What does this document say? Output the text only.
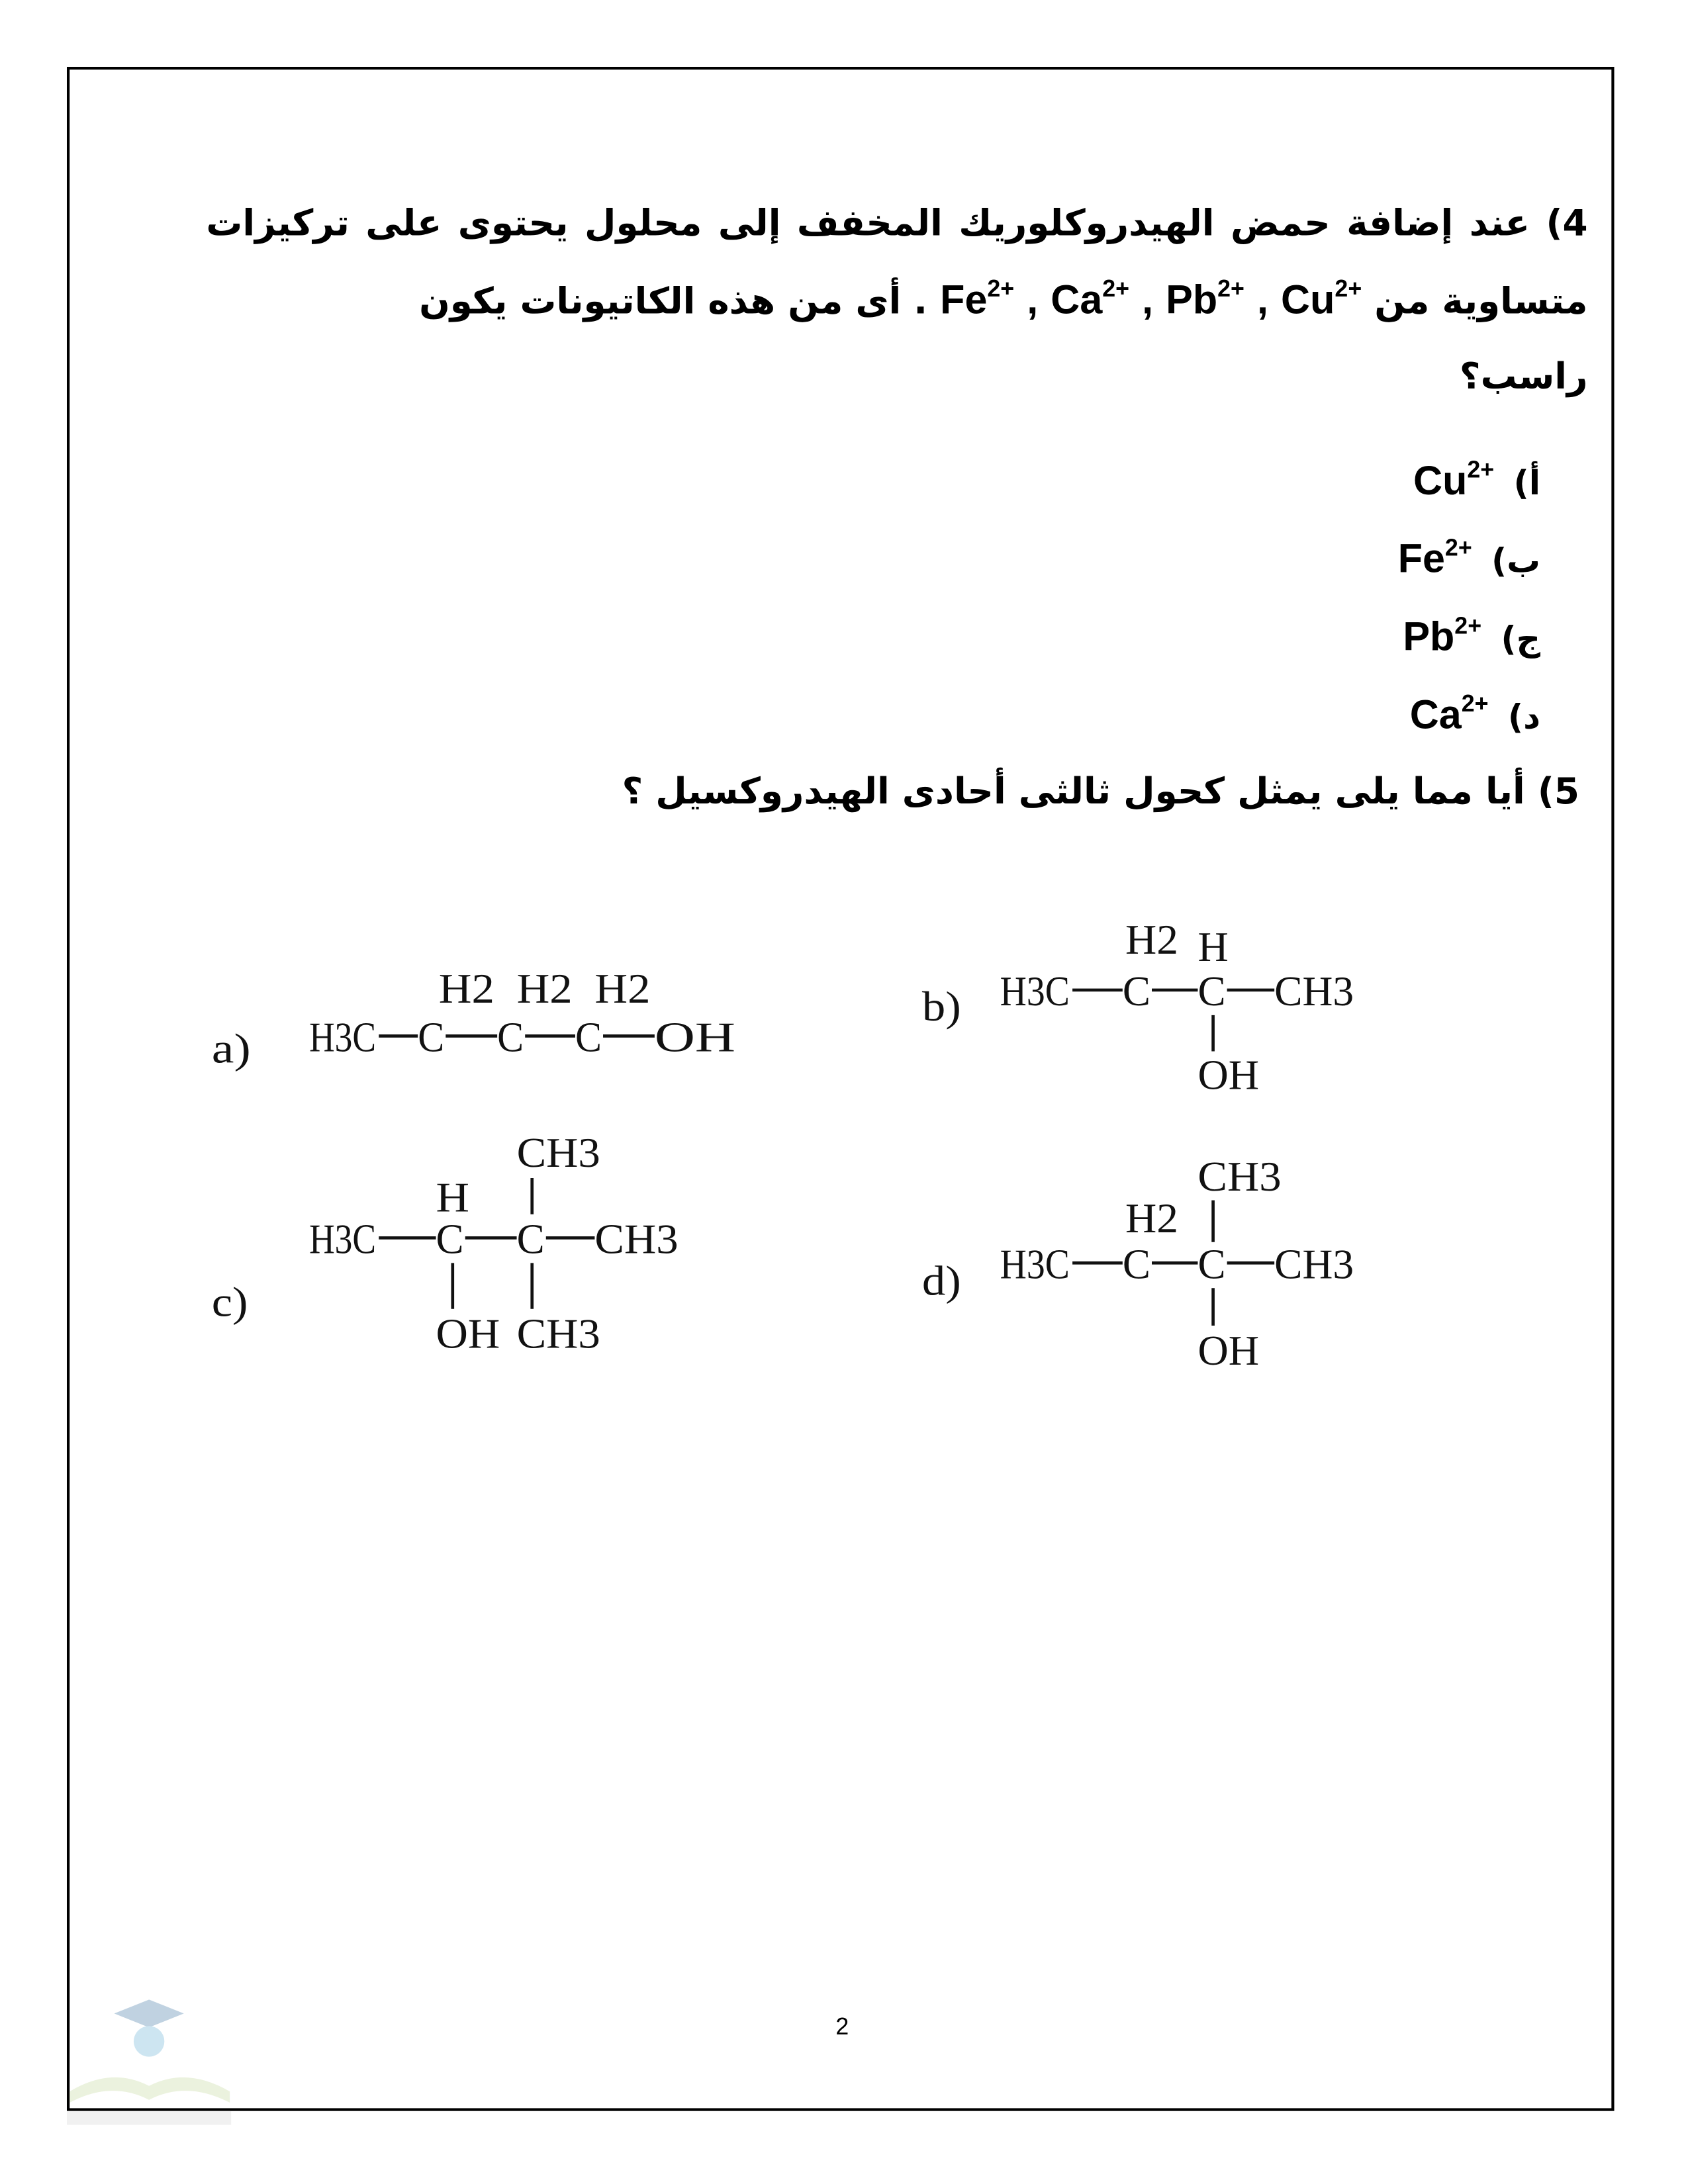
4) عند إضافة حمض الهيدروكلوريك المخفف إلى محلول يحتوى على تركيزات
متساوية من $Cu^{2+}$ , $Pb^{2+}$ , $Ca^{2+}$ , $Fe^{2+}$ . أى من هذه الكاتيونات يكون
راسب؟
$أ)Cu^{2+}$
$ب)Fe^{2+}$
$ج)Pb^{2+}$
$د)Ca^{2+}$
5) أيا مما يلى يمثل كحول ثالثى أحادى الهيدروكسيل ؟
a)	H3C C	C	C	OH
H2 H2 H2	b) H3C	C C CH3
H2 H
OH
c)
H3C	C	C	CH3
H
CH3
OH CH3
d) H3C	C C CH3
H2
CH3
OH
2
